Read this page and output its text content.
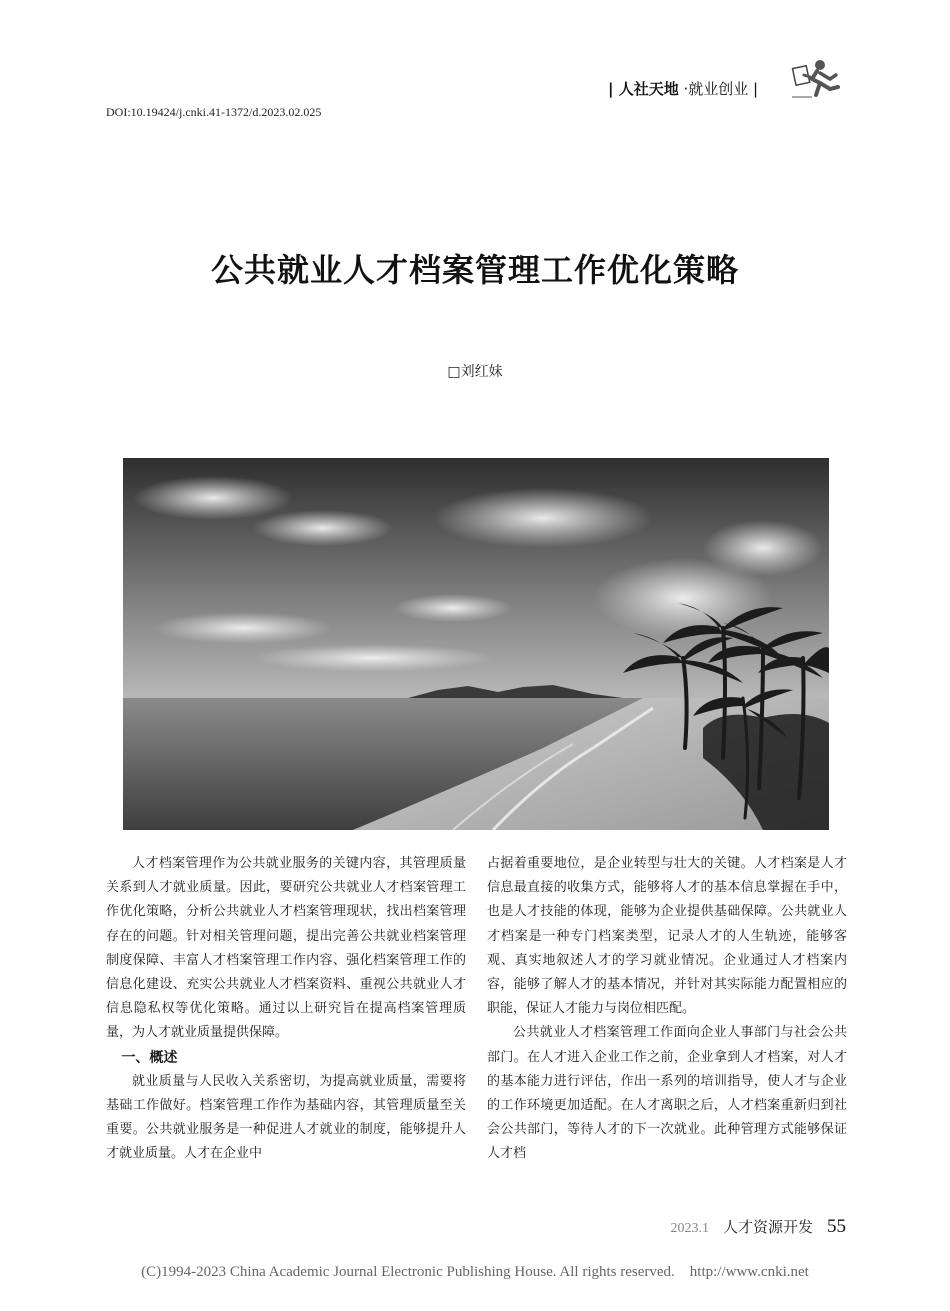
| 人社天地 ·就业创业 |
DOI:10.19424/j.cnki.41-1372/d.2023.02.025
公共就业人才档案管理工作优化策略
□刘红妹

人才档案管理作为公共就业服务的关键内容，其管理质量关系到人才就业质量。因此，要研究公共就业人才档案管理工作优化策略，分析公共就业人才档案管理现状，找出档案管理存在的问题。针对相关管理问题，提出完善公共就业档案管理制度保障、丰富人才档案管理工作内容、强化档案管理工作的信息化建设、充实公共就业人才档案资料、重视公共就业人才信息隐私权等优化策略。通过以上研究旨在提高档案管理质量，为人才就业质量提供保障。

一、概述

就业质量与人民收入关系密切，为提高就业质量，需要将基础工作做好。档案管理工作作为基础内容，其管理质量至关重要。公共就业服务是一种促进人才就业的制度，能够提升人才就业质量。人才在企业中

占据着重要地位，是企业转型与壮大的关键。人才档案是人才信息最直接的收集方式，能够将人才的基本信息掌握在手中，也是人才技能的体现，能够为企业提供基础保障。公共就业人才档案是一种专门档案类型，记录人才的人生轨迹，能够客观、真实地叙述人才的学习就业情况。企业通过人才档案内容，能够了解人才的基本情况，并针对其实际能力配置相应的职能，保证人才能力与岗位相匹配。

公共就业人才档案管理工作面向企业人事部门与社会公共部门。在人才进入企业工作之前，企业拿到人才档案，对人才的基本能力进行评估，作出一系列的培训指导，使人才与企业的工作环境更加适配。在人才离职之后，人才档案重新归到社会公共部门，等待人才的下一次就业。此种管理方式能够保证人才档

2023.1 人才资源开发 55
(C)1994-2023 China Academic Journal Electronic Publishing House. All rights reserved.    http://www.cnki.net
